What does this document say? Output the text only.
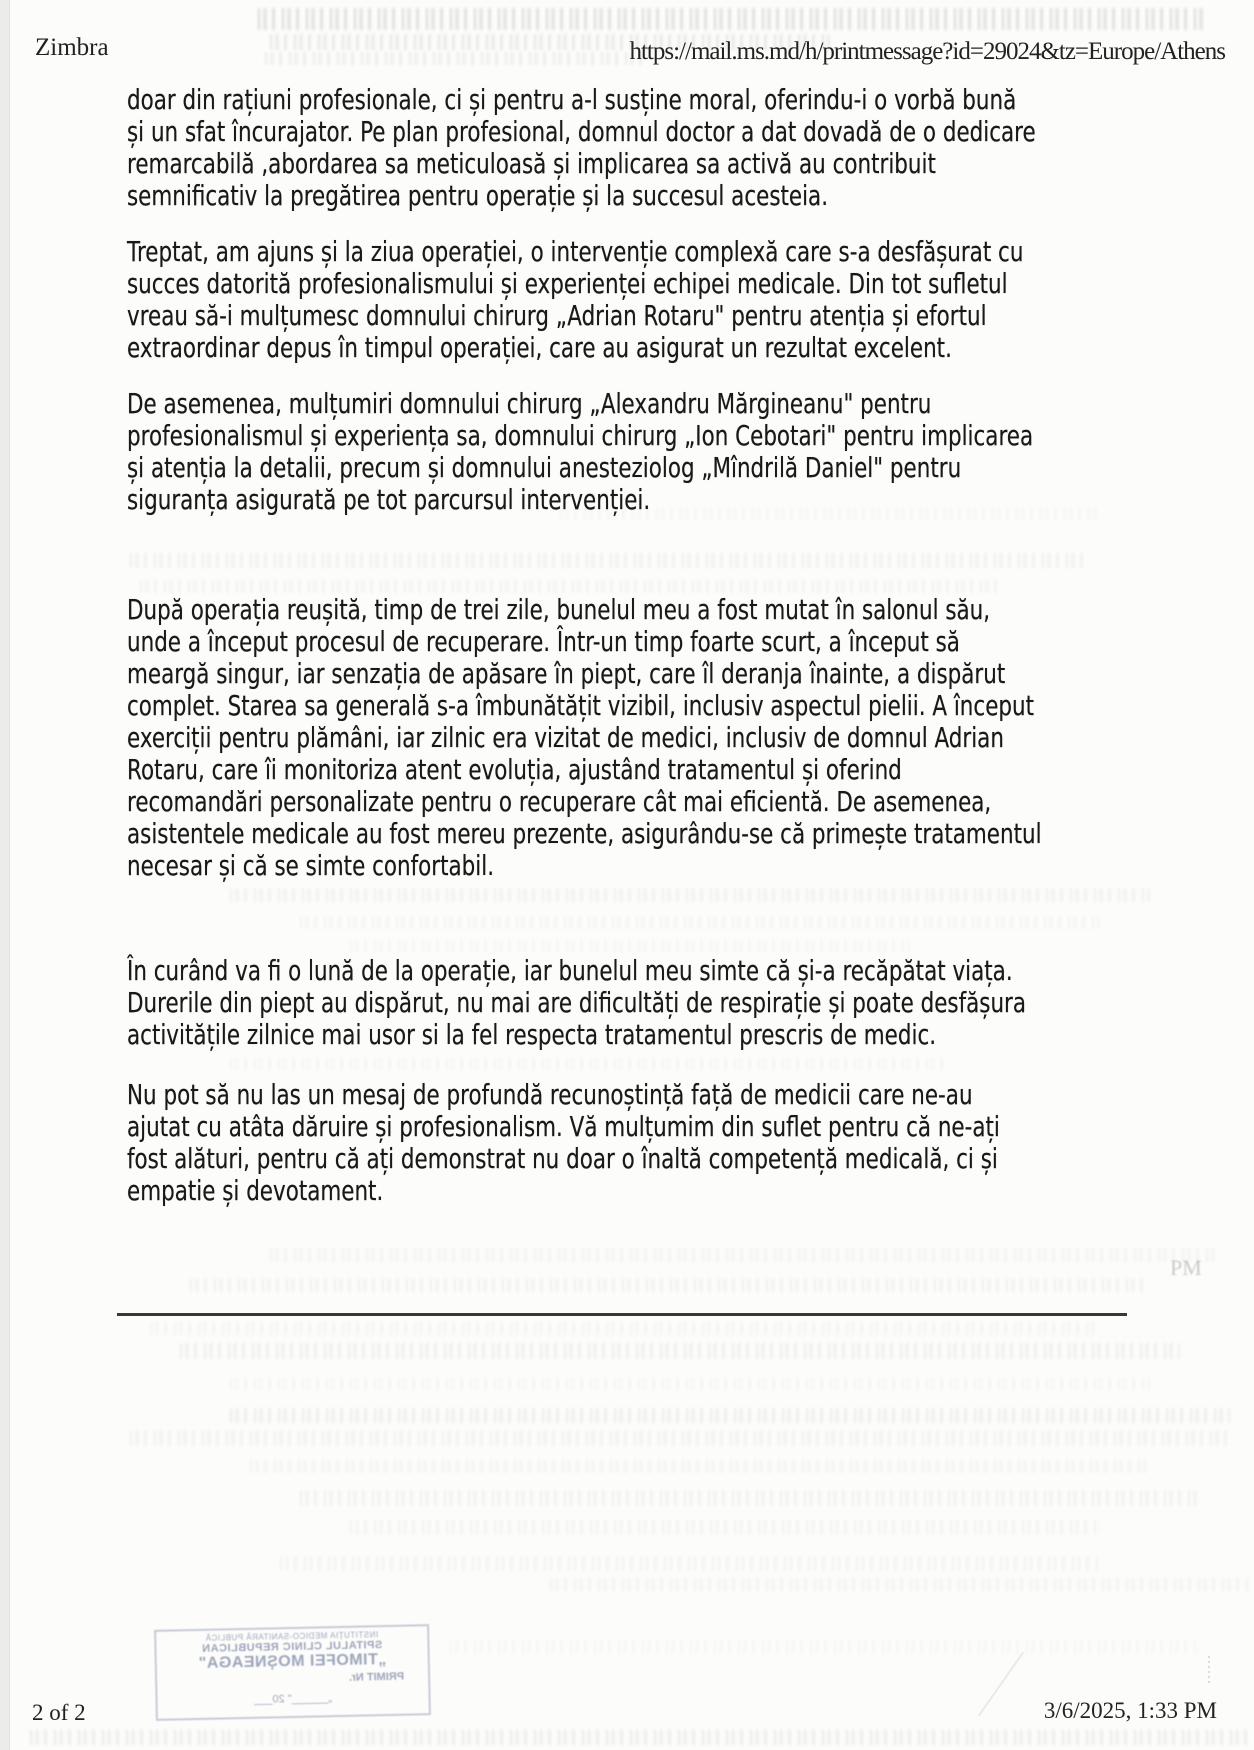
Zimbra	https://mail.ms.md/h/printmessage?id=29024&tz=Europe/Athens
doar din rațiuni profesionale, ci și pentru a-l susține moral, oferindu-i o vorbă bună
și un sfat încurajator. Pe plan profesional, domnul doctor a dat dovadă de o dedicare
remarcabilă ,abordarea sa meticuloasă și implicarea sa activă au contribuit
semnificativ la pregătirea pentru operație și la succesul acesteia.
Treptat, am ajuns și la ziua operației, o intervenție complexă care s-a desfășurat cu
succes datorită profesionalismului și experienței echipei medicale. Din tot sufletul
vreau să-i mulțumesc domnului chirurg „Adrian Rotaru" pentru atenția și efortul
extraordinar depus în timpul operației, care au asigurat un rezultat excelent.
De asemenea, mulțumiri domnului chirurg „Alexandru Mărgineanu" pentru
profesionalismul și experiența sa, domnului chirurg „Ion Cebotari" pentru implicarea
și atenția la detalii, precum și domnului anesteziolog „Mîndrilă Daniel" pentru
siguranța asigurată pe tot parcursul intervenției.
După operația reușită, timp de trei zile, bunelul meu a fost mutat în salonul său,
unde a început procesul de recuperare. Într-un timp foarte scurt, a început să
meargă singur, iar senzația de apăsare în piept, care îl deranja înainte, a dispărut
complet. Starea sa generală s-a îmbunătățit vizibil, inclusiv aspectul pielii. A început
exerciții pentru plămâni, iar zilnic era vizitat de medici, inclusiv de domnul Adrian
Rotaru, care îi monitoriza atent evoluția, ajustând tratamentul și oferind
recomandări personalizate pentru o recuperare cât mai eficientă. De asemenea,
asistentele medicale au fost mereu prezente, asigurându-se că primește tratamentul
necesar și că se simte confortabil.
În curând va fi o lună de la operație, iar bunelul meu simte că și-a recăpătat viața.
Durerile din piept au dispărut, nu mai are dificultăți de respirație și poate desfășura
activitățile zilnice mai usor si la fel respecta tratamentul prescris de medic.
Nu pot să nu las un mesaj de profundă recunoștință față de medicii care ne-au
ajutat cu atâta dăruire și profesionalism. Vă mulțumim din suflet pentru că ne-ați
fost alături, pentru că ați demonstrat nu doar o înaltă competență medicală, ci și
empatie și devotament.
PM
INSTITUȚIA MEDICO-SANITARĂ PUBLICĂ
SPITALUL CLINIC REPUBLICAN
„TIMOFEI MOȘNEAGA"
PRIMIT Nr.
„______" 20___
2 of 2	3/6/2025, 1:33 PM
